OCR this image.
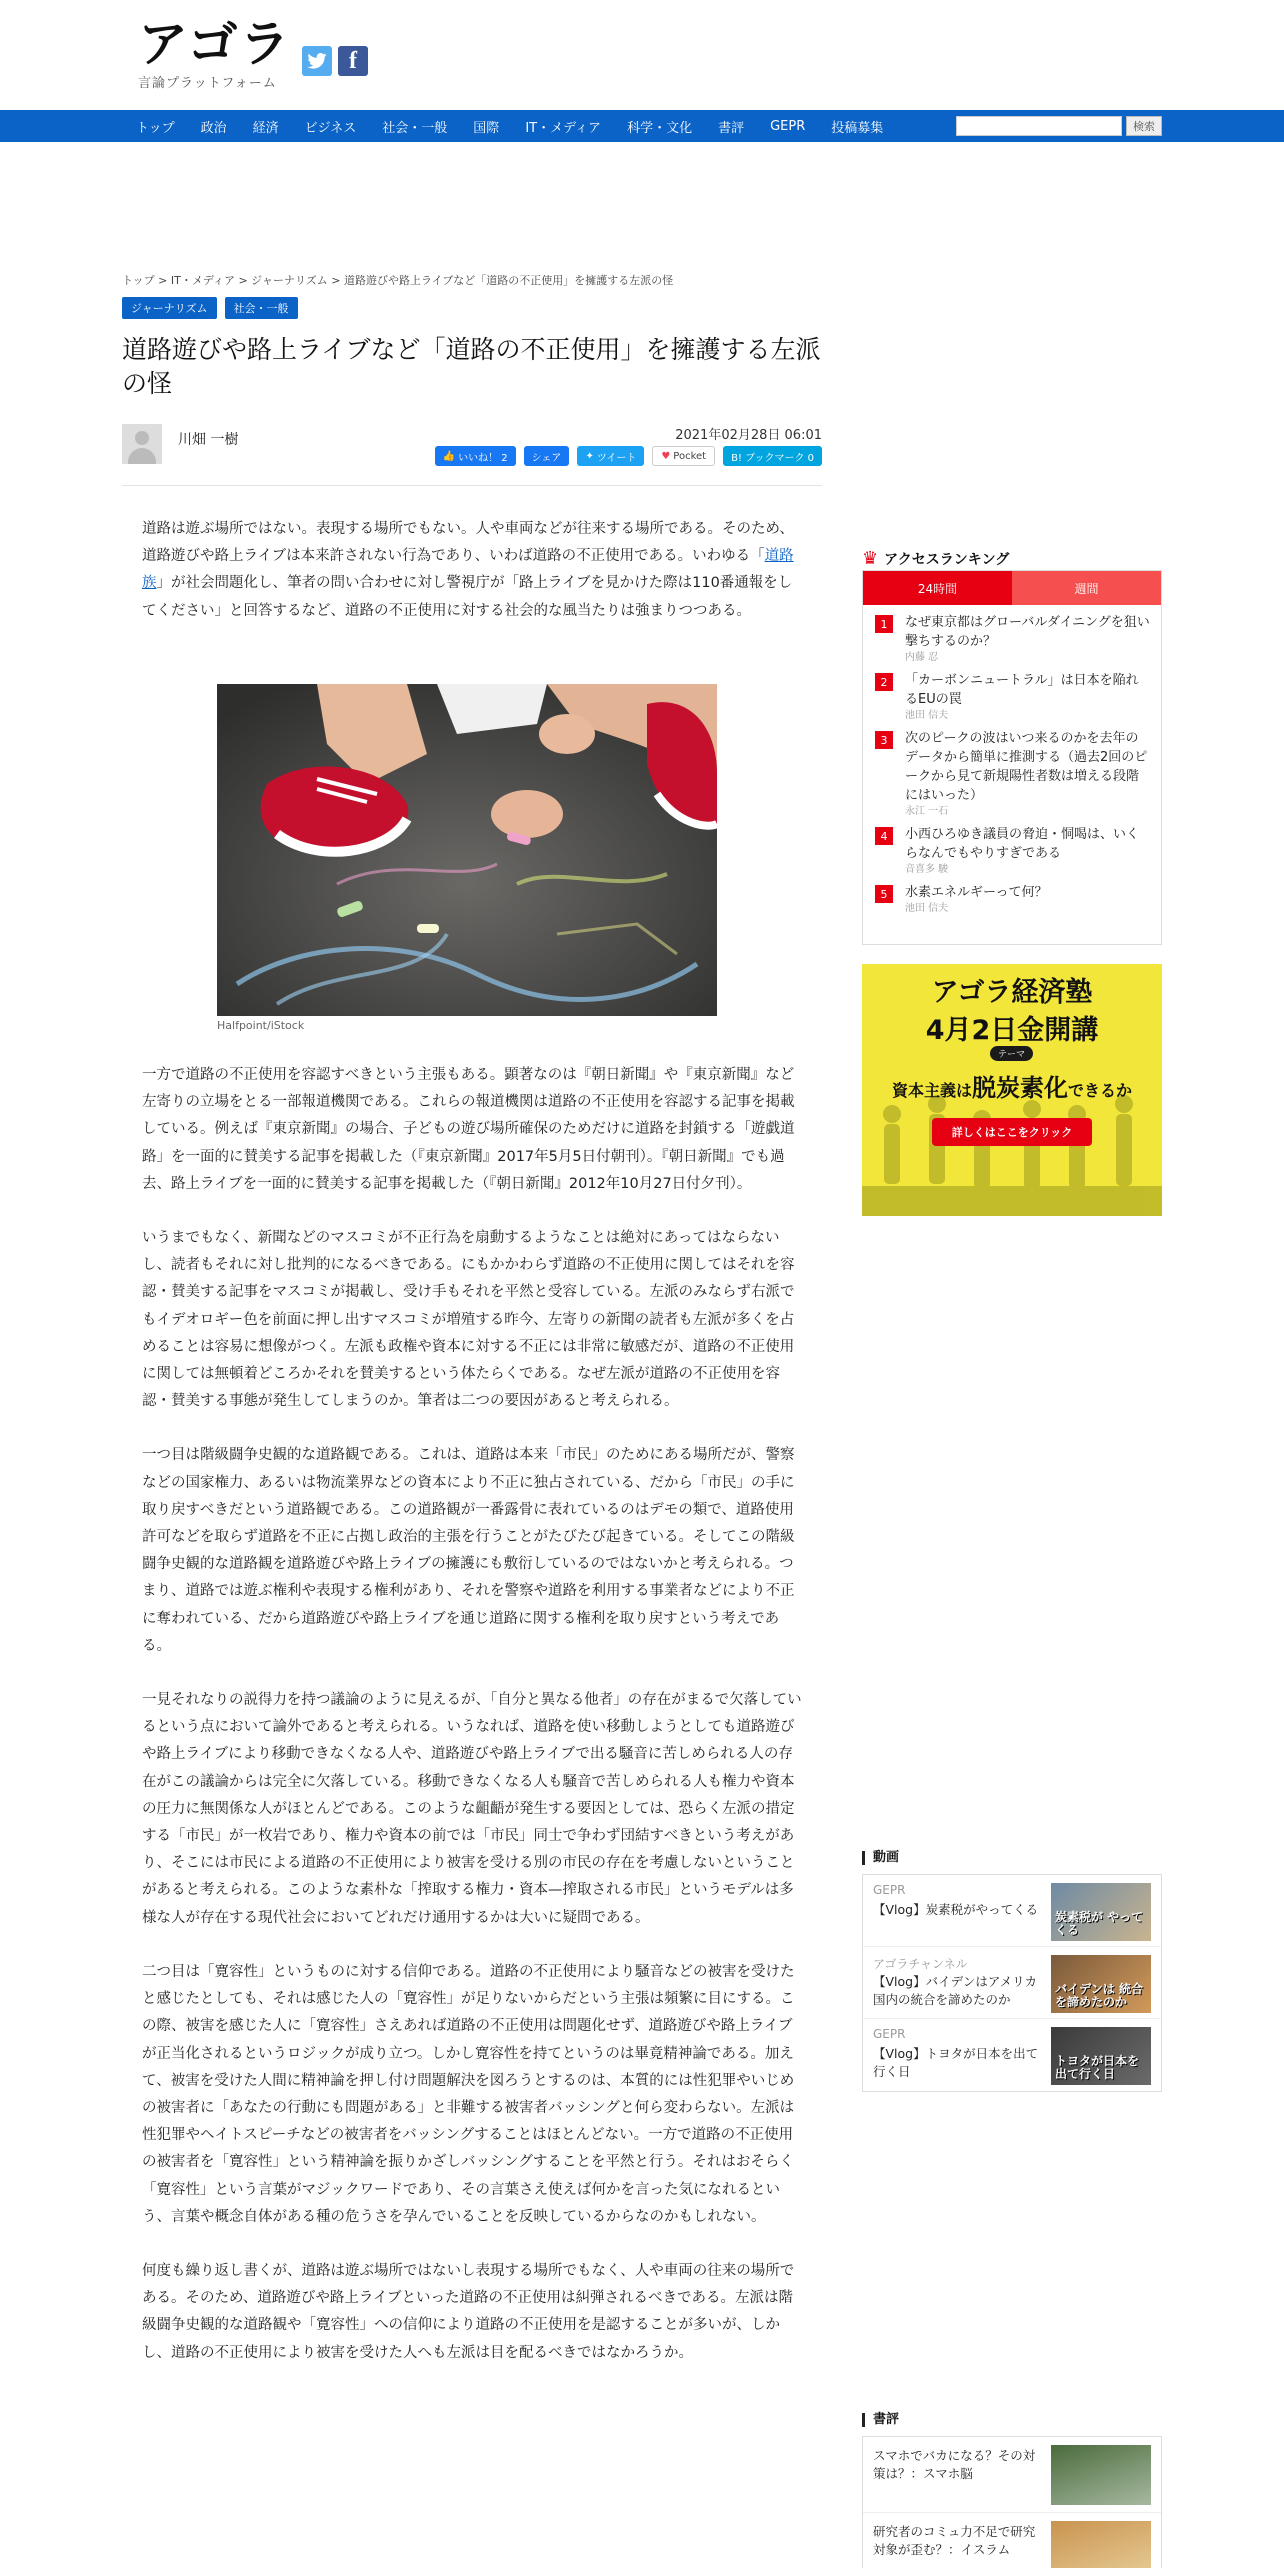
アゴラ
言論プラットフォーム
f
トップ 政治 経済 ビジネス 社会・一般 国際 IT・メディア 科学・文化 書評 GEPR 投稿募集	検索
トップ > IT・メディア > ジャーナリズム > 道路遊びや路上ライブなど「道路の不正使用」を擁護する左派の怪
ジャーナリズム	社会・一般
道路遊びや路上ライブなど「道路の不正使用」を擁護する左派の怪
川畑 一樹	2021年02月28日 06:01
👍 いいね！ 2	シェア	✦ ツイート	♥ Pocket	B! ブックマーク 0

道路は遊ぶ場所ではない。表現する場所でもない。人や車両などが往来する場所である。そのため、道路遊びや路上ライブは本来許されない行為であり、いわば道路の不正使用である。いわゆる「道路族」が社会問題化し、筆者の問い合わせに対し警視庁が「路上ライブを見かけた際は110番通報をしてください」と回答するなど、道路の不正使用に対する社会的な風当たりは強まりつつある。

Halfpoint/iStock

一方で道路の不正使用を容認すべきという主張もある。顕著なのは『朝日新聞』や『東京新聞』など左寄りの立場をとる一部報道機関である。これらの報道機関は道路の不正使用を容認する記事を掲載している。例えば『東京新聞』の場合、子どもの遊び場所確保のためだけに道路を封鎖する「遊戯道路」を一面的に賛美する記事を掲載した（『東京新聞』2017年5月5日付朝刊）。『朝日新聞』でも過去、路上ライブを一面的に賛美する記事を掲載した（『朝日新聞』2012年10月27日付夕刊）。

いうまでもなく、新聞などのマスコミが不正行為を扇動するようなことは絶対にあってはならないし、読者もそれに対し批判的になるべきである。にもかかわらず道路の不正使用に関してはそれを容認・賛美する記事をマスコミが掲載し、受け手もそれを平然と受容している。左派のみならず右派でもイデオロギー色を前面に押し出すマスコミが増殖する昨今、左寄りの新聞の読者も左派が多くを占めることは容易に想像がつく。左派も政権や資本に対する不正には非常に敏感だが、道路の不正使用に関しては無頓着どころかそれを賛美するという体たらくである。なぜ左派が道路の不正使用を容認・賛美する事態が発生してしまうのか。筆者は二つの要因があると考えられる。

一つ目は階級闘争史観的な道路観である。これは、道路は本来「市民」のためにある場所だが、警察などの国家権力、あるいは物流業界などの資本により不正に独占されている、だから「市民」の手に取り戻すべきだという道路観である。この道路観が一番露骨に表れているのはデモの類で、道路使用許可などを取らず道路を不正に占拠し政治的主張を行うことがたびたび起きている。そしてこの階級闘争史観的な道路観を道路遊びや路上ライブの擁護にも敷衍しているのではないかと考えられる。つまり、道路では遊ぶ権利や表現する権利があり、それを警察や道路を利用する事業者などにより不正に奪われている、だから道路遊びや路上ライブを通じ道路に関する権利を取り戻すという考えである。

一見それなりの説得力を持つ議論のように見えるが、「自分と異なる他者」の存在がまるで欠落しているという点において論外であると考えられる。いうなれば、道路を使い移動しようとしても道路遊びや路上ライブにより移動できなくなる人や、道路遊びや路上ライブで出る騒音に苦しめられる人の存在がこの議論からは完全に欠落している。移動できなくなる人も騒音で苦しめられる人も権力や資本の圧力に無関係な人がほとんどである。このような齟齬が発生する要因としては、恐らく左派の措定する「市民」が一枚岩であり、権力や資本の前では「市民」同士で争わず団結すべきという考えがあり、そこには市民による道路の不正使用により被害を受ける別の市民の存在を考慮しないということがあると考えられる。このような素朴な「搾取する権力・資本—搾取される市民」というモデルは多様な人が存在する現代社会においてどれだけ通用するかは大いに疑問である。

二つ目は「寛容性」というものに対する信仰である。道路の不正使用により騒音などの被害を受けたと感じたとしても、それは感じた人の「寛容性」が足りないからだという主張は頻繁に目にする。この際、被害を感じた人に「寛容性」さえあれば道路の不正使用は問題化せず、道路遊びや路上ライブが正当化されるというロジックが成り立つ。しかし寛容性を持てというのは畢竟精神論である。加えて、被害を受けた人間に精神論を押し付け問題解決を図ろうとするのは、本質的には性犯罪やいじめの被害者に「あなたの行動にも問題がある」と非難する被害者バッシングと何ら変わらない。左派は性犯罪やヘイトスピーチなどの被害者をバッシングすることはほとんどない。一方で道路の不正使用の被害者を「寛容性」という精神論を振りかざしバッシングすることを平然と行う。それはおそらく「寛容性」という言葉がマジックワードであり、その言葉さえ使えば何かを言った気になれるという、言葉や概念自体がある種の危うさを孕んでいることを反映しているからなのかもしれない。

何度も繰り返し書くが、道路は遊ぶ場所ではないし表現する場所でもなく、人や車両の往来の場所である。そのため、道路遊びや路上ライブといった道路の不正使用は糾弾されるべきである。左派は階級闘争史観的な道路観や「寛容性」への信仰により道路の不正使用を是認することが多いが、しかし、道路の不正使用により被害を受けた人へも左派は目を配るべきではなかろうか。

♛ アクセスランキング
24時間	週間
1	なぜ東京都はグローバルダイニングを狙い撃ちするのか？
内藤 忍
2	「カーボンニュートラル」は日本を陥れるEUの罠
池田 信夫
3	次のピークの波はいつ来るのかを去年のデータから簡単に推測する（過去2回のピークから見て新規陽性者数は増える段階にはいった）
永江 一石
4	小西ひろゆき議員の脅迫・恫喝は、いくらなんでもやりすぎである
音喜多 駿
5	水素エネルギーって何？
池田 信夫
アゴラ経済塾
4月2日金開講
テーマ
資本主義は脱炭素化できるか
詳しくはここをクリック
動画
GEPR
【Vlog】炭素税がやってくる	炭素税が やってくる
アゴラチャンネル
【Vlog】バイデンはアメリカ国内の統合を諦めたのか
バイデンは 統合を諦めたのか
GEPR
【Vlog】トヨタが日本を出て行く日
トヨタが日本を 出て行く日
書評
スマホでバカになる？その対策は？：スマホ脳
研究者のコミュ力不足で研究対象が歪む？：イスラム
